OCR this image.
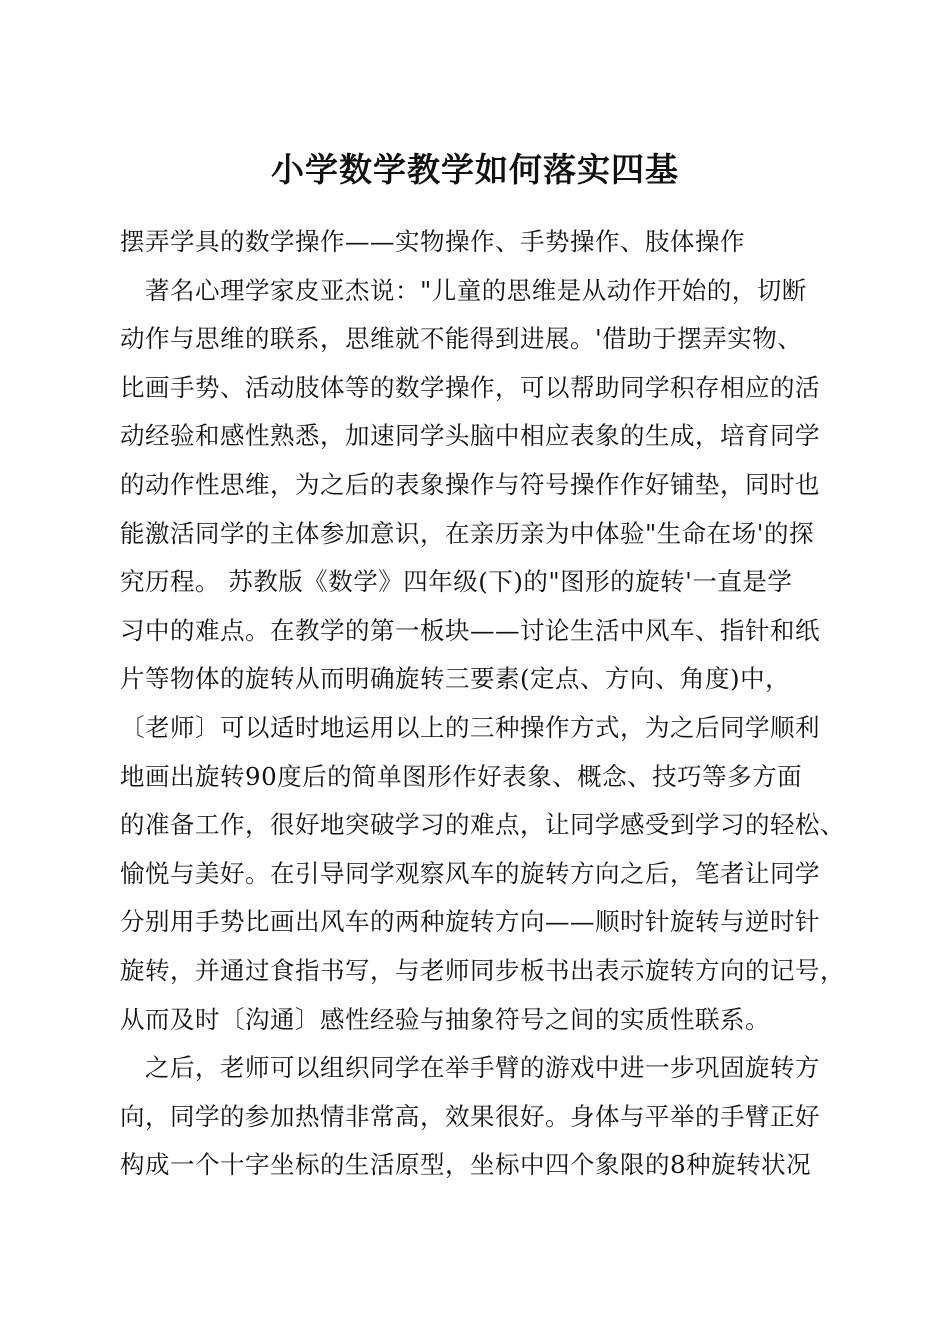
小学数学教学如何落实四基
摆弄学具的数学操作——实物操作、手势操作、肢体操作
著名心理学家皮亚杰说："儿童的思维是从动作开始的，切断
动作与思维的联系，思维就不能得到进展。'借助于摆弄实物、
比画手势、活动肢体等的数学操作，可以帮助同学积存相应的活
动经验和感性熟悉，加速同学头脑中相应表象的生成，培育同学
的动作性思维，为之后的表象操作与符号操作作好铺垫，同时也
能激活同学的主体参加意识，在亲历亲为中体验"生命在场'的探
究历程。 苏教版《数学》四年级(下)的"图形的旋转'一直是学
习中的难点。在教学的第一板块——讨论生活中风车、指针和纸
片等物体的旋转从而明确旋转三要素(定点、方向、角度)中，
〔老师〕可以适时地运用以上的三种操作方式，为之后同学顺利
地画出旋转90度后的简单图形作好表象、概念、技巧等多方面
的准备工作，很好地突破学习的难点，让同学感受到学习的轻松、
愉悦与美好。在引导同学观察风车的旋转方向之后，笔者让同学
分别用手势比画出风车的两种旋转方向——顺时针旋转与逆时针
旋转，并通过食指书写，与老师同步板书出表示旋转方向的记号，
从而及时〔沟通〕感性经验与抽象符号之间的实质性联系。
之后，老师可以组织同学在举手臂的游戏中进一步巩固旋转方
向，同学的参加热情非常高，效果很好。身体与平举的手臂正好
构成一个十字坐标的生活原型，坐标中四个象限的8种旋转状况
